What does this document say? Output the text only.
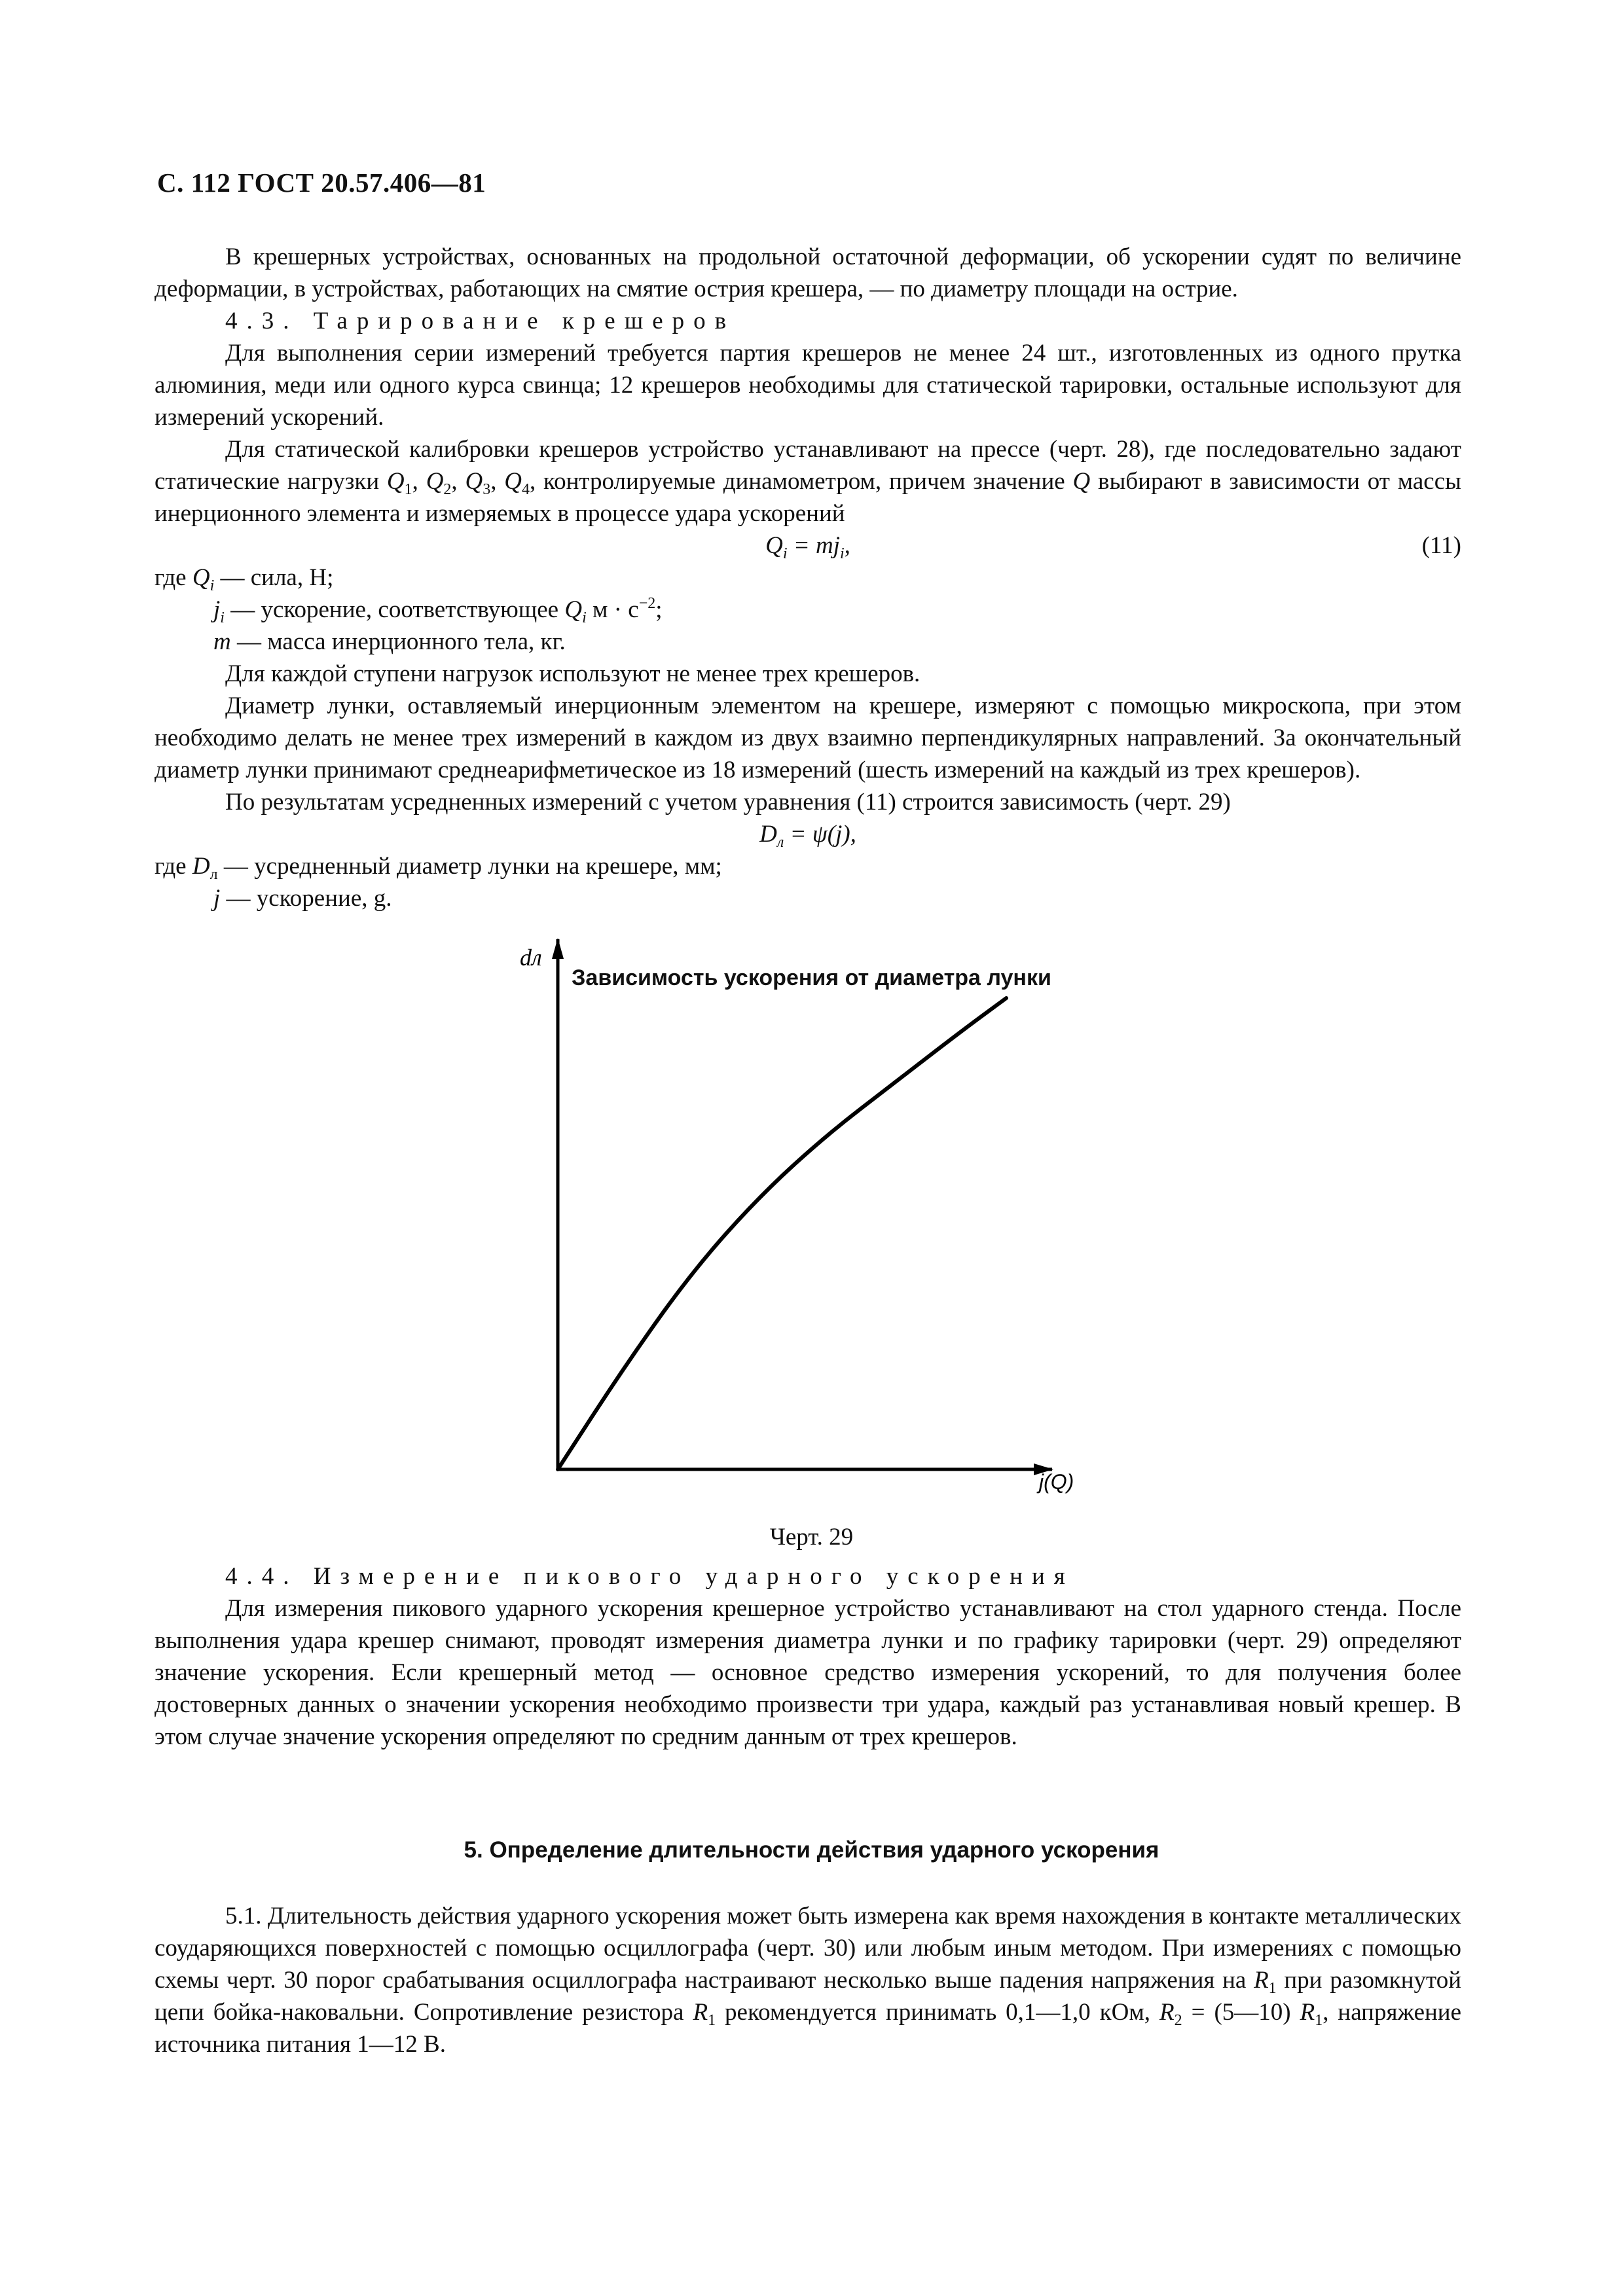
С. 112 ГОСТ 20.57.406—81

В крешерных устройствах, основанных на продольной остаточной деформации, об ускорении судят по величине деформации, в устройствах, работающих на смятие острия крешера, — по диаметру площади на острие.

4.3. Тарирование крешеров

Для выполнения серии измерений требуется партия крешеров не менее 24 шт., изготовленных из одного прутка алюминия, меди или одного курса свинца; 12 крешеров необходимы для статической тарировки, остальные используют для измерений ускорений.

Для статической калибровки крешеров устройство устанавливают на прессе (черт. 28), где последовательно задают статические нагрузки $Q_1$, $Q_2$, $Q_3$, $Q_4$, контролируемые динамометром, причем значение Q выбирают в зависимости от массы инерционного элемента и измеряемых в процессе удара ускорений

$Q_i = mj_i$,	(11)

где $Q_i$ — сила, Н;

$j_i$ — ускорение, соответствующее $Q_i$ $м \cdot с^{-2}$;

m — масса инерционного тела, кг.

Для каждой ступени нагрузок используют не менее трех крешеров.

Диаметр лунки, оставляемый инерционным элементом на крешере, измеряют с помощью микроскопа, при этом необходимо делать не менее трех измерений в каждом из двух взаимно перпендикулярных направлений. За окончательный диаметр лунки принимают среднеарифметическое из 18 измерений (шесть измерений на каждый из трех крешеров).

По результатам усредненных измерений с учетом уравнения (11) строится зависимость (черт. 29)

$D_л = \psi(j)$,

где $D_л$ — усредненный диаметр лунки на крешере, мм;

j — ускорение, g.

Зависимость ускорения от диаметра лунки
dл
j(Q)
Черт. 29

4.4. Измерение пикового ударного ускорения

Для измерения пикового ударного ускорения крешерное устройство устанавливают на стол ударного стенда. После выполнения удара крешер снимают, проводят измерения диаметра лунки и по графику тарировки (черт. 29) определяют значение ускорения. Если крешерный метод — основное средство измерения ускорений, то для получения более достоверных данных о значении ускорения необходимо произвести три удара, каждый раз устанавливая новый крешер. В этом случае значение ускорения определяют по средним данным от трех крешеров.

5. Определение длительности действия ударного ускорения

5.1. Длительность действия ударного ускорения может быть измерена как время нахождения в контакте металлических соударяющихся поверхностей с помощью осциллографа (черт. 30) или любым иным методом. При измерениях с помощью схемы черт. 30 порог срабатывания осциллографа настраивают несколько выше падения напряжения на $R_1$ при разомкнутой цепи бойка-наковальни. Сопротивление резистора $R_1$ рекомендуется принимать 0,1—1,0 кОм, $R_2$ = (5—10) $R_1$, напряжение источника питания 1—12 В.
